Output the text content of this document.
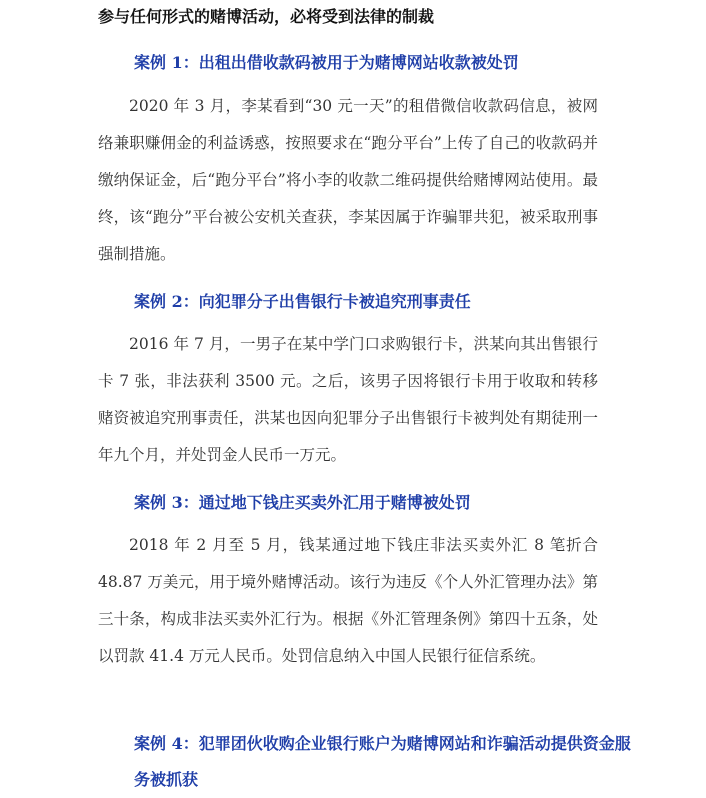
参与任何形式的赌博活动，必将受到法律的制裁
案例 1：出租出借收款码被用于为赌博网站收款被处罚
2020 年 3 月，李某看到“30 元一天”的租借微信收款码信息，被网络兼职赚佣金的利益诱惑，按照要求在“跑分平台”上传了自己的收款码并缴纳保证金，后“跑分平台”将小李的收款二维码提供给赌博网站使用。最终，该“跑分”平台被公安机关查获，李某因属于诈骗罪共犯，被采取刑事强制措施。
案例 2：向犯罪分子出售银行卡被追究刑事责任
2016 年 7 月，一男子在某中学门口求购银行卡，洪某向其出售银行卡 7 张，非法获利 3500 元。之后，该男子因将银行卡用于收取和转移赌资被追究刑事责任，洪某也因向犯罪分子出售银行卡被判处有期徒刑一年九个月，并处罚金人民币一万元。
案例 3：通过地下钱庄买卖外汇用于赌博被处罚
2018 年 2 月至 5 月，钱某通过地下钱庄非法买卖外汇 8 笔折合 48.87 万美元，用于境外赌博活动。该行为违反《个人外汇管理办法》第三十条，构成非法买卖外汇行为。根据《外汇管理条例》第四十五条，处以罚款 41.4 万元人民币。处罚信息纳入中国人民银行征信系统。
案例 4：犯罪团伙收购企业银行账户为赌博网站和诈骗活动提供资金服务被抓获
